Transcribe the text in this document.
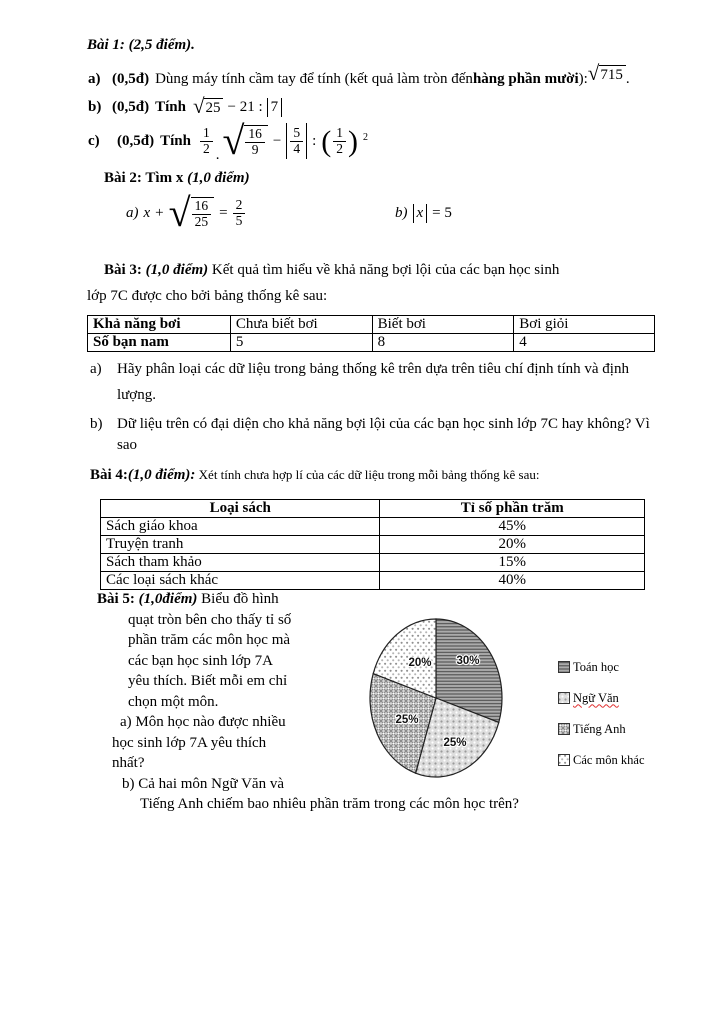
Bài 1: (2,5 điểm).
a) (0,5đ) Dùng máy tính cầm tay để tính (kết quả làm tròn đến hàng phần mười ): √ 715 .
b) (0,5đ) Tính √ 25 − 21 : 7
c)	(0,5đ) Tính $\frac{1}{2}$ . √ $\frac{16}{9} - \frac{5}{4}$ : ( $\frac{1}{2}$ ) 2
Bài 2: Tìm x (1,0 điểm)
a) x + √ $\frac{16}{25} = \frac{2}{5}$	b) x = 5
Bài 3: (1,0 điểm) Kết quả tìm hiểu về khả năng bợi lội của các bạn học sinh
lớp 7C được cho bởi bảng thống kê sau:
Khả năng bơi	Chưa biết bơi	Biết bơi	Bơi giỏi
Số bạn nam	5	8	4
a) Hãy phân loại các dữ liệu trong bảng thống kê trên dựa trên tiêu chí định tính và định
lượng.
b) Dữ liệu trên có đại diện cho khả năng bợi lội của các bạn học sinh lớp 7C hay không? Vì
sao
Bài 4:(1,0 điểm): Xét tính chưa hợp lí của các dữ liệu trong mỗi bảng thống kê sau:
Loại sách	Tỉ số phần trăm
Sách giáo khoa	45%
Truyện tranh	20%
Sách tham khảo	15%
Các loại sách khác	40%
Bài 5: (1,0điểm) Biểu đồ hình
quạt tròn bên cho thấy tỉ số
phần trăm các môn học mà
các bạn học sinh lớp 7A
yêu thích. Biết mỗi em chỉ
chọn một môn.
a) Môn học nào được nhiều
học sinh lớp 7A yêu thích
nhất?
b) Cả hai môn Ngữ Văn và
Tiếng Anh chiếm bao nhiêu phần trăm trong các môn học trên?
30%
25%
25%
20%	Toán học
Ngữ Văn
Tiếng Anh
Các môn khác
